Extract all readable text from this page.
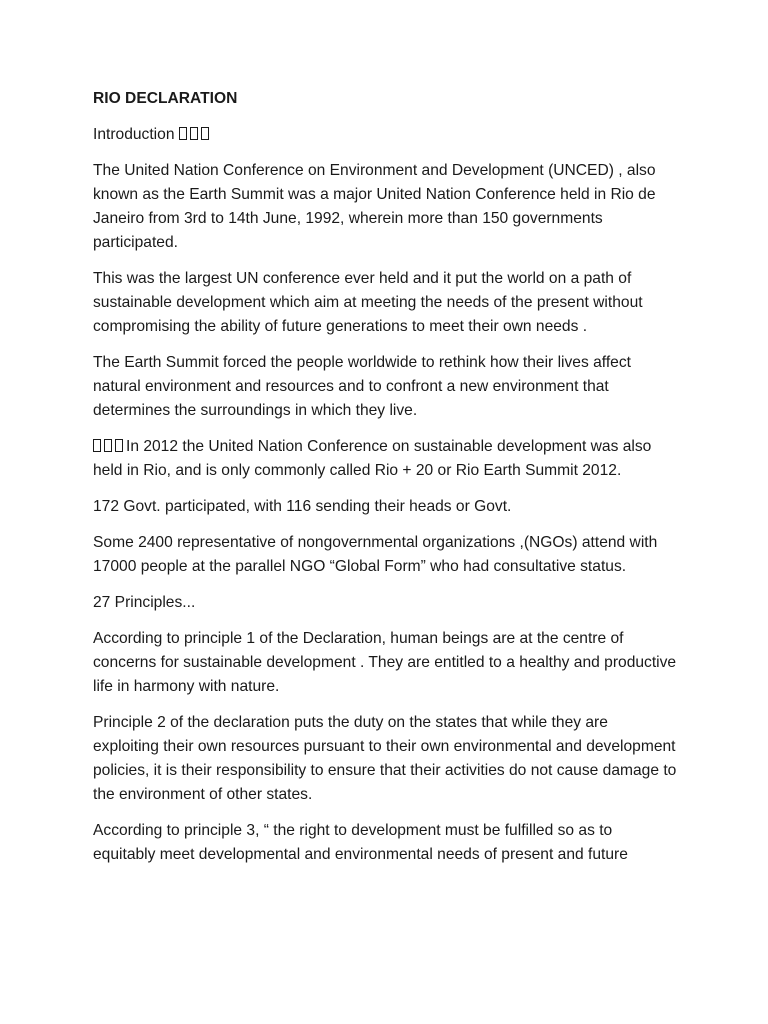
RIO DECLARATION

Introduction

The United Nation Conference on Environment and Development (UNCED) , also known as the Earth Summit was a major United Nation Conference held in Rio de Janeiro from 3rd to 14th June, 1992, wherein more than 150 governments participated.

This was the largest UN conference ever held and it put the world on a path of sustainable development which aim at meeting the needs of the present without compromising the ability of future generations to meet their own needs .

The Earth Summit forced the people worldwide to rethink how their lives affect natural environment and resources and to confront a new environment that determines the surroundings in which they live.

In 2012 the United Nation Conference on sustainable development was also held in Rio, and is only commonly called Rio + 20 or Rio Earth Summit 2012.

172 Govt. participated, with 116 sending their heads or Govt.

Some 2400 representative of nongovernmental organizations ,(NGOs) attend with 17000 people at the parallel NGO “Global Form” who had consultative status.

27 Principles...

According to principle 1 of the Declaration, human beings are at the centre of concerns for sustainable development . They are entitled to a healthy and productive life in harmony with nature.

Principle 2 of the declaration puts the duty on the states that while they are exploiting their own resources pursuant to their own environmental and development policies, it is their responsibility to ensure that their activities do not cause damage to the environment of other states.

According to principle 3, “ the right to development must be fulfilled so as to equitably meet developmental and environmental needs of present and future
